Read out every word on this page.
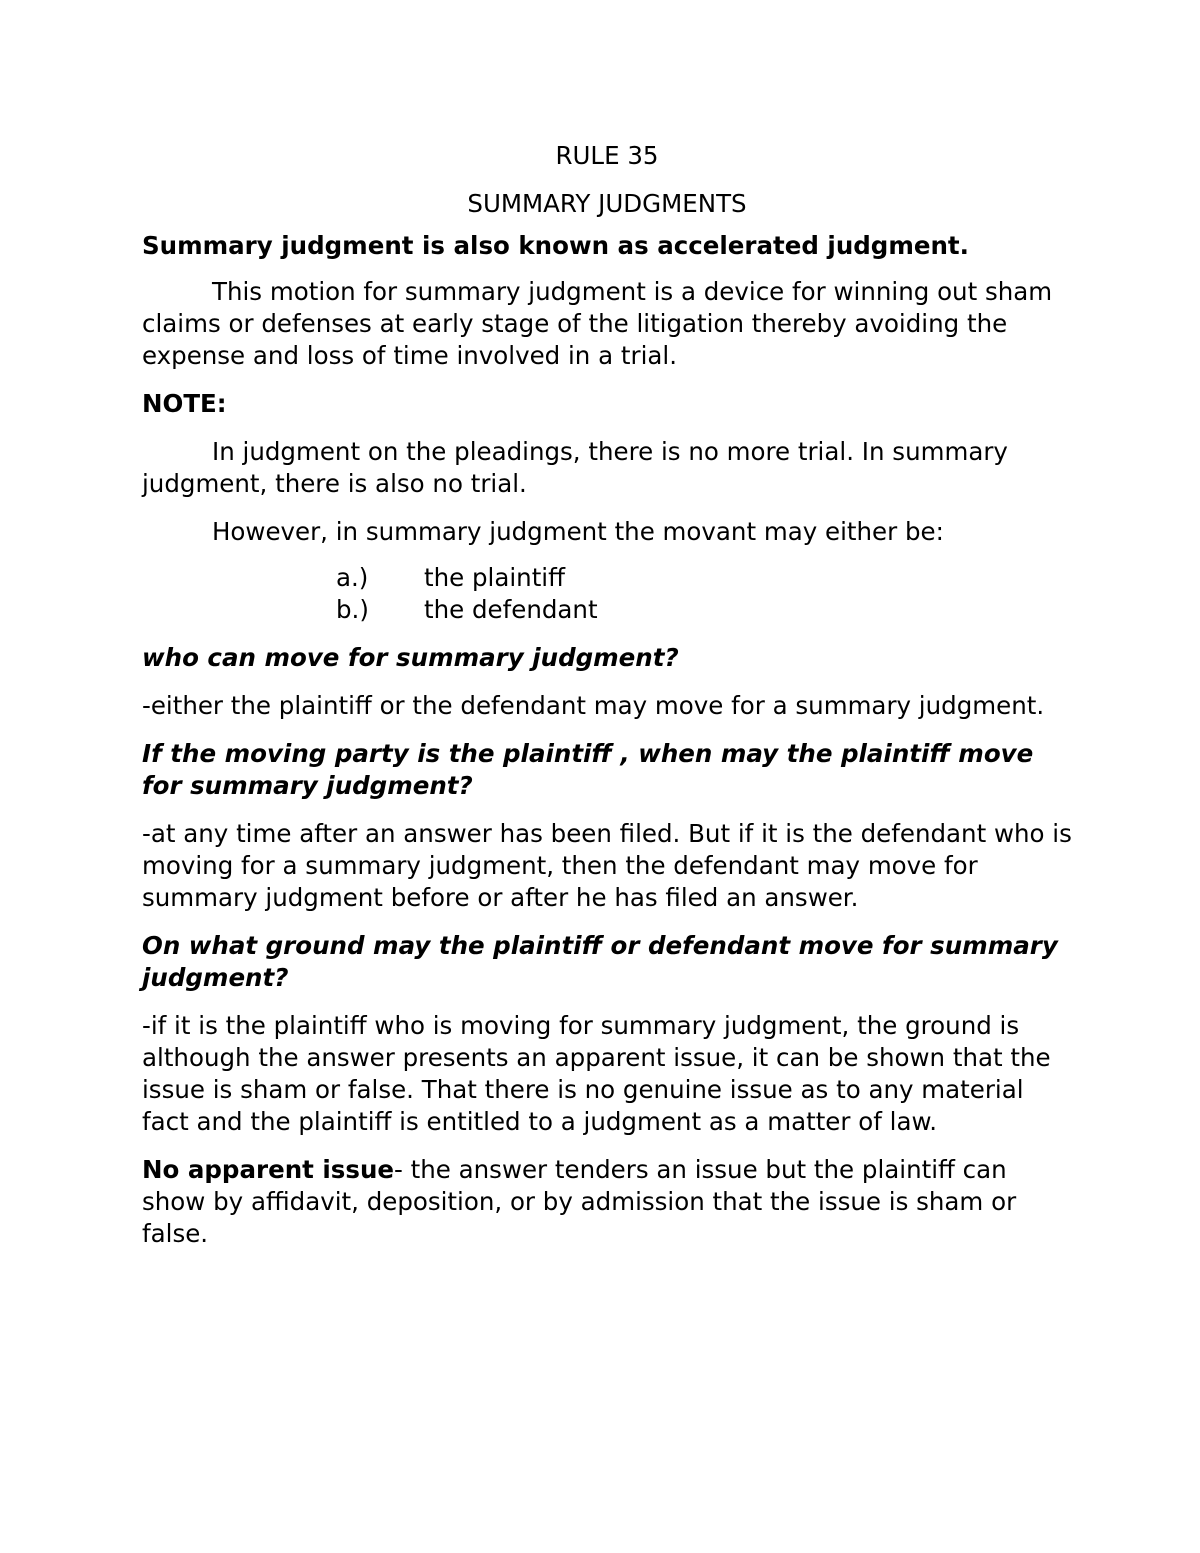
RULE 35

SUMMARY JUDGMENTS

Summary judgment is also known as accelerated judgment.

This motion for summary judgment is a device for winning out sham claims or defenses at early stage of the litigation thereby avoiding the expense and loss of time involved in a trial.

NOTE:

In judgment on the pleadings, there is no more trial. In summary judgment, there is also no trial.

However, in summary judgment the movant may either be:

a.)	the plaintiff
b.)	the defendant

who can move for summary judgment?

-either the plaintiff or the defendant may move for a summary judgment.

If the moving party is the plaintiff , when may the plaintiff move for summary judgment?

-at any time after an answer has been filed. But if it is the defendant who is moving for a summary judgment, then the defendant may move for summary judgment before or after he has filed an answer.

On what ground may the plaintiff or defendant move for summary judgment?

-if it is the plaintiff who is moving for summary judgment, the ground is although the answer presents an apparent issue, it can be shown that the issue is sham or false. That there is no genuine issue as to any material fact and the plaintiff is entitled to a judgment as a matter of law.

No apparent issue- the answer tenders an issue but the plaintiff can show by affidavit, deposition, or by admission that the issue is sham or false.
